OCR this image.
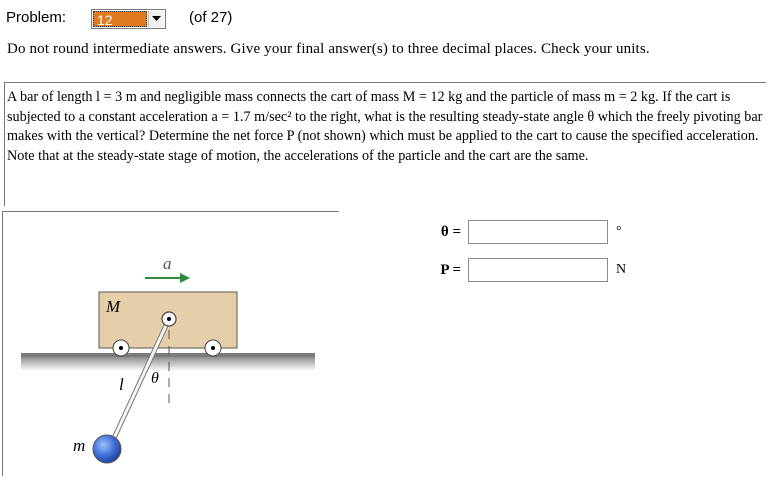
Problem: 12	(of 27)
Do not round intermediate answers. Give your final answer(s) to three decimal places. Check your units.

A bar of length l = 3 m and negligible mass connects the cart of mass M = 12 kg and the particle of mass m = 2 kg. If the cart is subjected to a constant acceleration a = 1.7 m/sec² to the right, what is the resulting steady-state angle θ which the freely pivoting bar makes with the vertical? Determine the net force P (not shown) which must be applied to the cart to cause the specified acceleration.

Note that at the steady-state stage of motion, the accelerations of the particle and the cart are the same.

M
a
θ
l
m
θ =	°
P =	N
